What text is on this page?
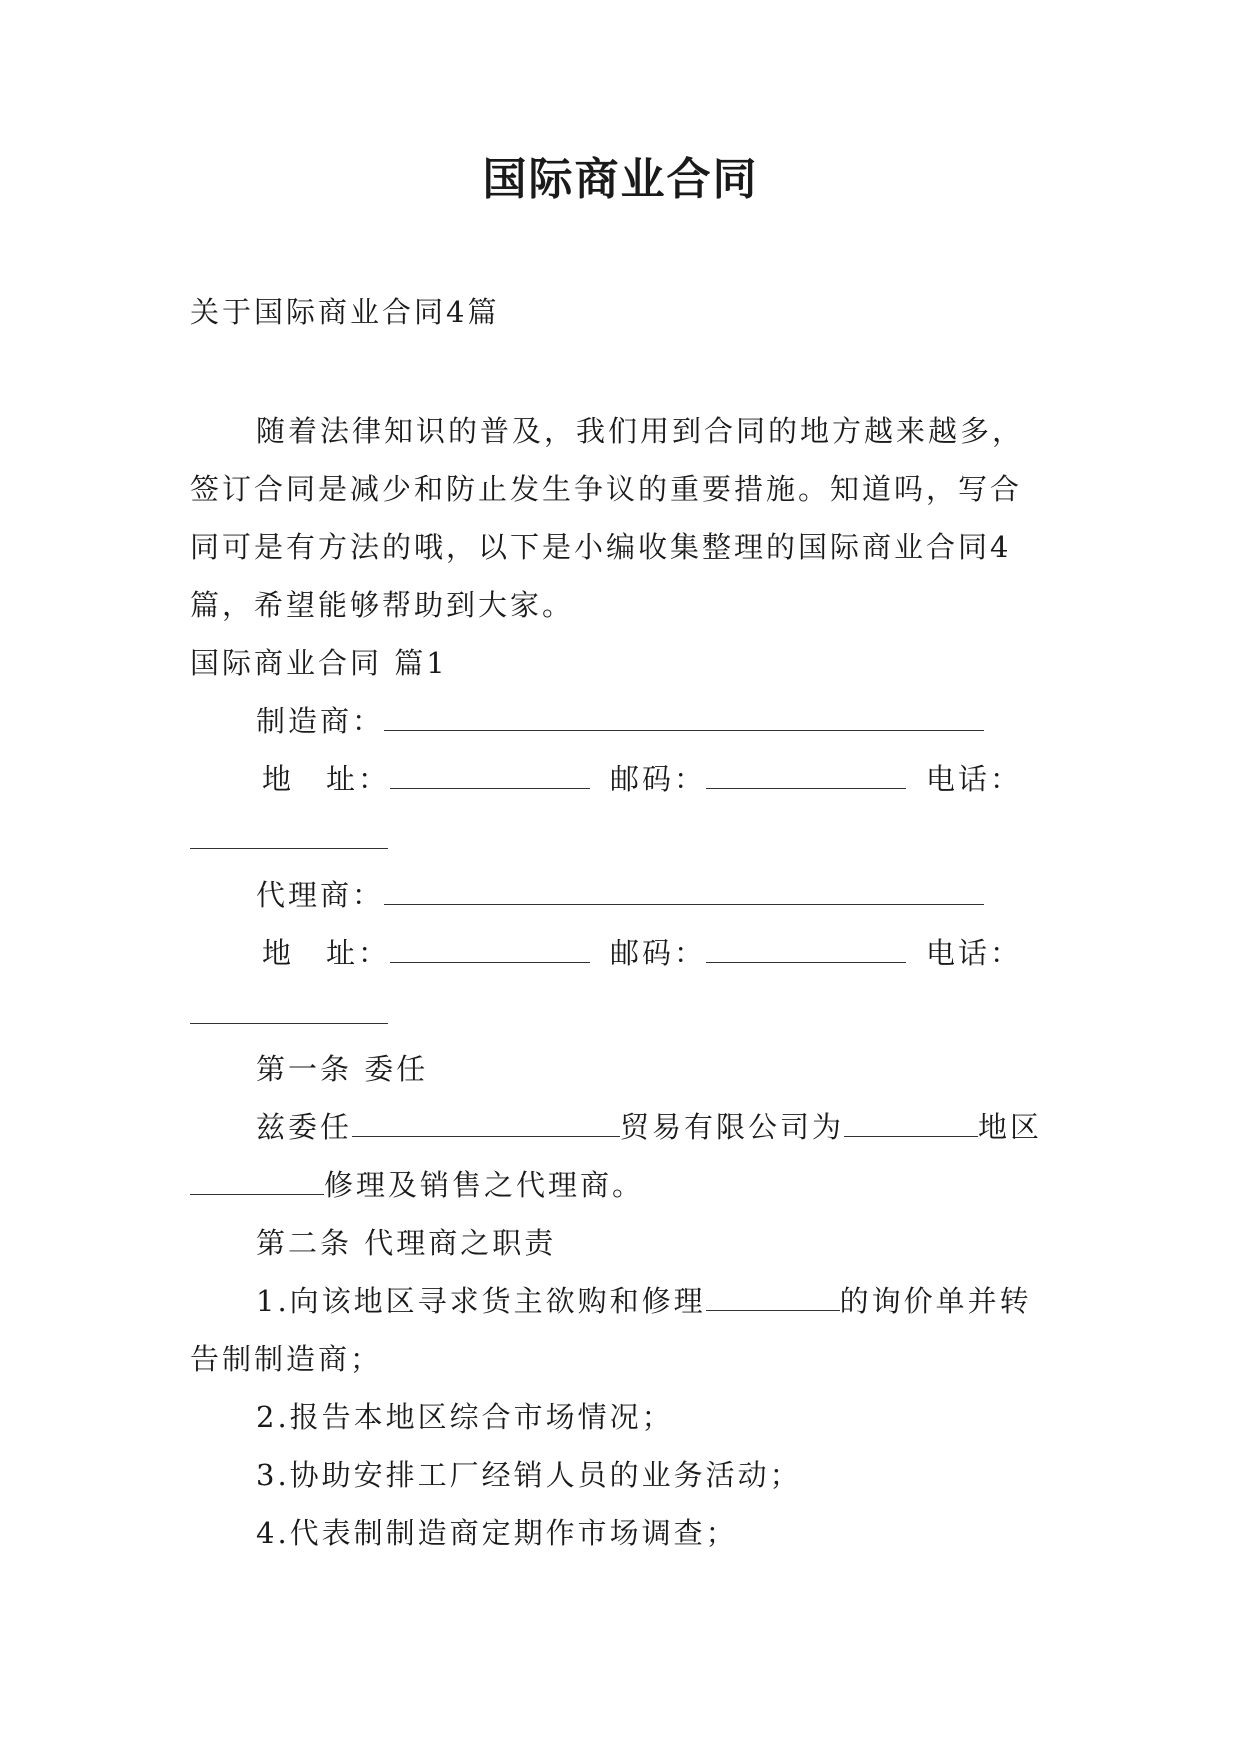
国际商业合同
关于国际商业合同4篇
随着法律知识的普及，我们用到合同的地方越来越多，
签订合同是减少和防止发生争议的重要措施。知道吗，写合
同可是有方法的哦，以下是小编收集整理的国际商业合同4
篇，希望能够帮助到大家。
国际商业合同 篇1
制造商：
地　址：	邮码：	电话：
代理商：
地　址：	邮码：	电话：
第一条 委任
兹委任	贸易有限公司为	地区
修理及销售之代理商。
第二条 代理商之职责
1.向该地区寻求货主欲购和修理	的询价单并转
告制制造商；
2.报告本地区综合市场情况；
3.协助安排工厂经销人员的业务活动；
4.代表制制造商定期作市场调查；
